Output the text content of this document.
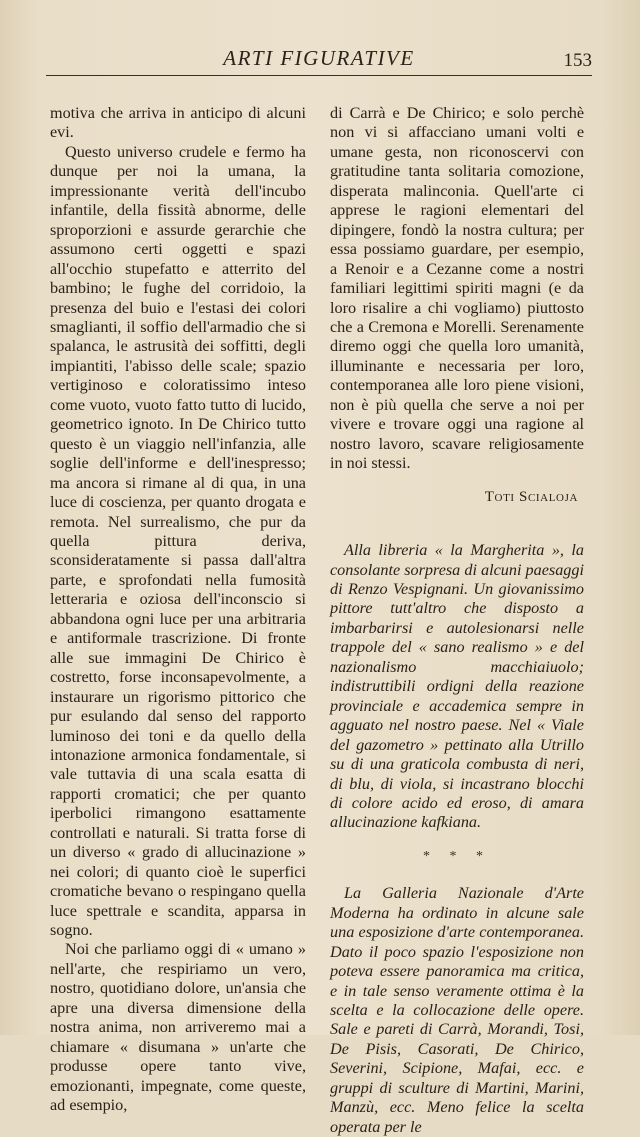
ARTI FIGURATIVE	153

motiva che arriva in anticipo di alcuni evi.

Questo universo crudele e fermo ha dunque per noi la umana, la impressionante verità dell'incubo infantile, della fissità abnorme, delle sproporzioni e assurde gerarchie che assumono certi oggetti e spazi all'occhio stupefatto e atterrito del bambino; le fughe del corridoio, la presenza del buio e l'estasi dei colori smaglianti, il soffio dell'armadio che si spalanca, le astrusità dei soffitti, degli impiantiti, l'abisso delle scale; spazio vertiginoso e coloratissimo inteso come vuoto, vuoto fatto tutto di lucido, geometrico ignoto. In De Chirico tutto questo è un viaggio nell'infanzia, alle soglie dell'informe e dell'inespresso; ma ancora si rimane al di qua, in una luce di coscienza, per quanto drogata e remota. Nel surrealismo, che pur da quella pittura deriva, sconsideratamente si passa dall'altra parte, e sprofondati nella fumosità letteraria e oziosa dell'inconscio si abbandona ogni luce per una arbitraria e antiformale trascrizione. Di fronte alle sue immagini De Chirico è costretto, forse inconsapevolmente, a instaurare un rigorismo pittorico che pur esulando dal senso del rapporto luminoso dei toni e da quello della intonazione armonica fondamentale, si vale tuttavia di una scala esatta di rapporti cromatici; che per quanto iperbolici rimangono esattamente controllati e naturali. Si tratta forse di un diverso « grado di allucinazione » nei colori; di quanto cioè le superfici cromatiche bevano o respingano quella luce spettrale e scandita, apparsa in sogno.

Noi che parliamo oggi di « umano » nell'arte, che respiriamo un vero, nostro, quotidiano dolore, un'ansia che apre una diversa dimensione della nostra anima, non arriveremo mai a chiamare « disumana » un'arte che produsse opere tanto vive, emozionanti, impegnate, come queste, ad esempio,

di Carrà e De Chirico; e solo perchè non vi si affacciano umani volti e umane gesta, non riconoscervi con gratitudine tanta solitaria comozione, disperata malinconia. Quell'arte ci apprese le ragioni elementari del dipingere, fondò la nostra cultura; per essa possiamo guardare, per esempio, a Renoir e a Cezanne come a nostri familiari legittimi spiriti magni (e da loro risalire a chi vogliamo) piuttosto che a Cremona e Morelli. Serenamente diremo oggi che quella loro umanità, illuminante e necessaria per loro, contemporanea alle loro piene visioni, non è più quella che serve a noi per vivere e trovare oggi una ragione al nostro lavoro, scavare religiosamente in noi stessi.

Toti Scialoja

Alla libreria « la Margherita », la consolante sorpresa di alcuni paesaggi di Renzo Vespignani. Un giovanissimo pittore tutt'altro che disposto a imbarbarirsi e autolesionarsi nelle trappole del « sano realismo » e del nazionalismo macchiaiuolo; indistruttibili ordigni della reazione provinciale e accademica sempre in agguato nel nostro paese. Nel « Viale del gazometro » pettinato alla Utrillo su di una graticola combusta di neri, di blu, di viola, si incastrano blocchi di colore acido ed eroso, di amara allucinazione kafkiana.

* * *

La Galleria Nazionale d'Arte Moderna ha ordinato in alcune sale una esposizione d'arte contemporanea. Dato il poco spazio l'esposizione non poteva essere panoramica ma critica, e in tale senso veramente ottima è la scelta e la collocazione delle opere. Sale e pareti di Carrà, Morandi, Tosi, De Pisis, Casorati, De Chirico, Severini, Scipione, Mafai, ecc. e gruppi di sculture di Martini, Marini, Manzù, ecc. Meno felice la scelta operata per le
